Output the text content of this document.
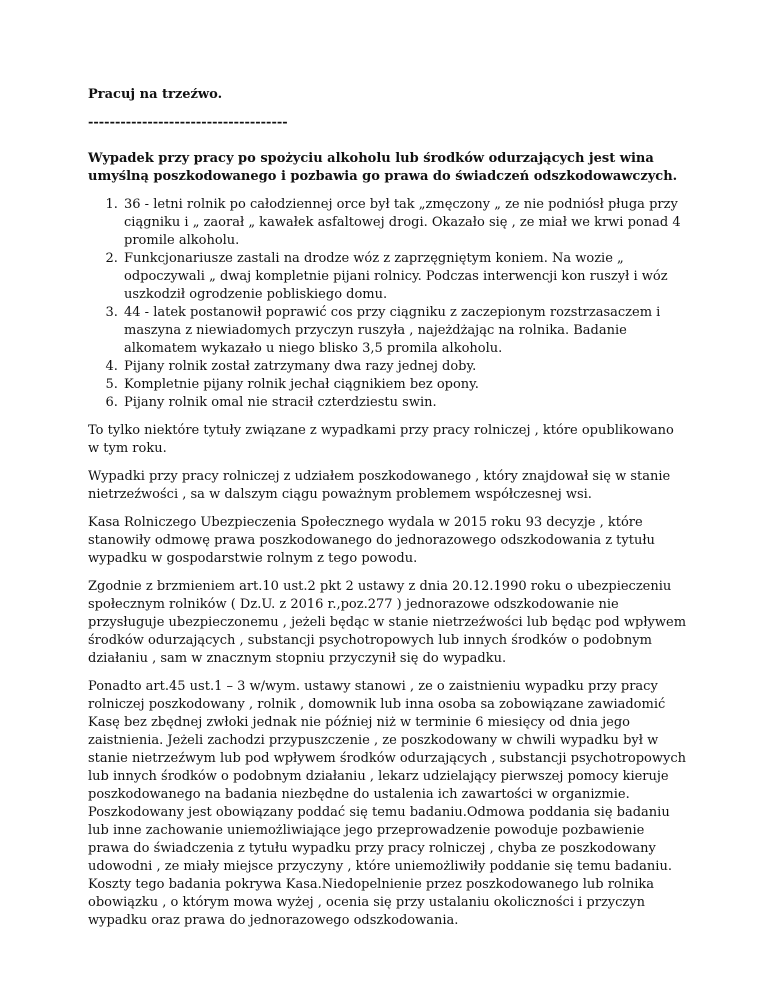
Pracuj na trzeźwo.

-------------------------------------

Wypadek przy pracy po spożyciu alkoholu lub środków odurzających jest wina umyślną poszkodowanego i pozbawia go prawa do świadczeń odszkodowawczych.

1. 36 - letni rolnik po całodziennej orce był tak „zmęczony „ ze nie podniósł pługa przy ciągniku i „ zaorał „ kawałek asfaltowej drogi. Okazało się , ze miał we krwi ponad 4 promile alkoholu.
2. Funkcjonariusze zastali na drodze wóz z zaprzęgniętym koniem. Na wozie „ odpoczywali „ dwaj kompletnie pijani rolnicy. Podczas interwencji kon ruszył i wóz uszkodził ogrodzenie pobliskiego domu.
3. 44 - latek postanowił poprawić cos przy ciągniku z zaczepionym rozstrzasaczem i maszyna z niewiadomych przyczyn ruszyła , najeżdżając na rolnika. Badanie alkomatem wykazało u niego blisko 3,5 promila alkoholu.
4. Pijany rolnik został zatrzymany dwa razy jednej doby.
5. Kompletnie pijany rolnik jechał ciągnikiem bez opony.
6. Pijany rolnik omal nie stracił czterdziestu swin.

To tylko niektóre tytuły związane z wypadkami przy pracy rolniczej , które opublikowano w tym roku.

Wypadki przy pracy rolniczej z udziałem poszkodowanego , który znajdował się w stanie nietrzeźwości , sa w dalszym ciągu poważnym problemem współczesnej wsi.

Kasa Rolniczego Ubezpieczenia Społecznego wydala w 2015 roku 93 decyzje , które stanowiły odmowę prawa poszkodowanego do jednorazowego odszkodowania z tytułu wypadku w gospodarstwie rolnym z tego powodu.

Zgodnie z brzmieniem art.10 ust.2 pkt 2 ustawy z dnia 20.12.1990 roku o ubezpieczeniu społecznym rolników ( Dz.U. z 2016 r.,poz.277 ) jednorazowe odszkodowanie nie przysługuje ubezpieczonemu , jeżeli będąc w stanie nietrzeźwości lub będąc pod wpływem środków odurzających , substancji psychotropowych lub innych środków o podobnym działaniu , sam w znacznym stopniu przyczynił się do wypadku.

Ponadto art.45 ust.1 – 3 w/wym. ustawy stanowi , ze o zaistnieniu wypadku przy pracy rolniczej poszkodowany , rolnik , domownik lub inna osoba sa zobowiązane zawiadomić Kasę bez zbędnej zwłoki jednak nie później niż w terminie 6 miesięcy od dnia jego zaistnienia. Jeżeli zachodzi przypuszczenie , ze poszkodowany w chwili wypadku był w stanie nietrzeźwym lub pod wpływem środków odurzających , substancji psychotropowych lub innych środków o podobnym działaniu , lekarz udzielający pierwszej pomocy kieruje poszkodowanego na badania niezbędne do ustalenia ich zawartości w organizmie. Poszkodowany jest obowiązany poddać się temu badaniu.Odmowa poddania się badaniu lub inne zachowanie uniemożliwiające jego przeprowadzenie powoduje pozbawienie prawa do świadczenia z tytułu wypadku przy pracy rolniczej , chyba ze poszkodowany udowodni , ze miały miejsce przyczyny , które uniemożliwiły poddanie się temu badaniu. Koszty tego badania pokrywa Kasa.Niedopelnienie przez poszkodowanego lub rolnika obowiązku , o którym mowa wyżej , ocenia się przy ustalaniu okoliczności i przyczyn wypadku oraz prawa do jednorazowego odszkodowania.
